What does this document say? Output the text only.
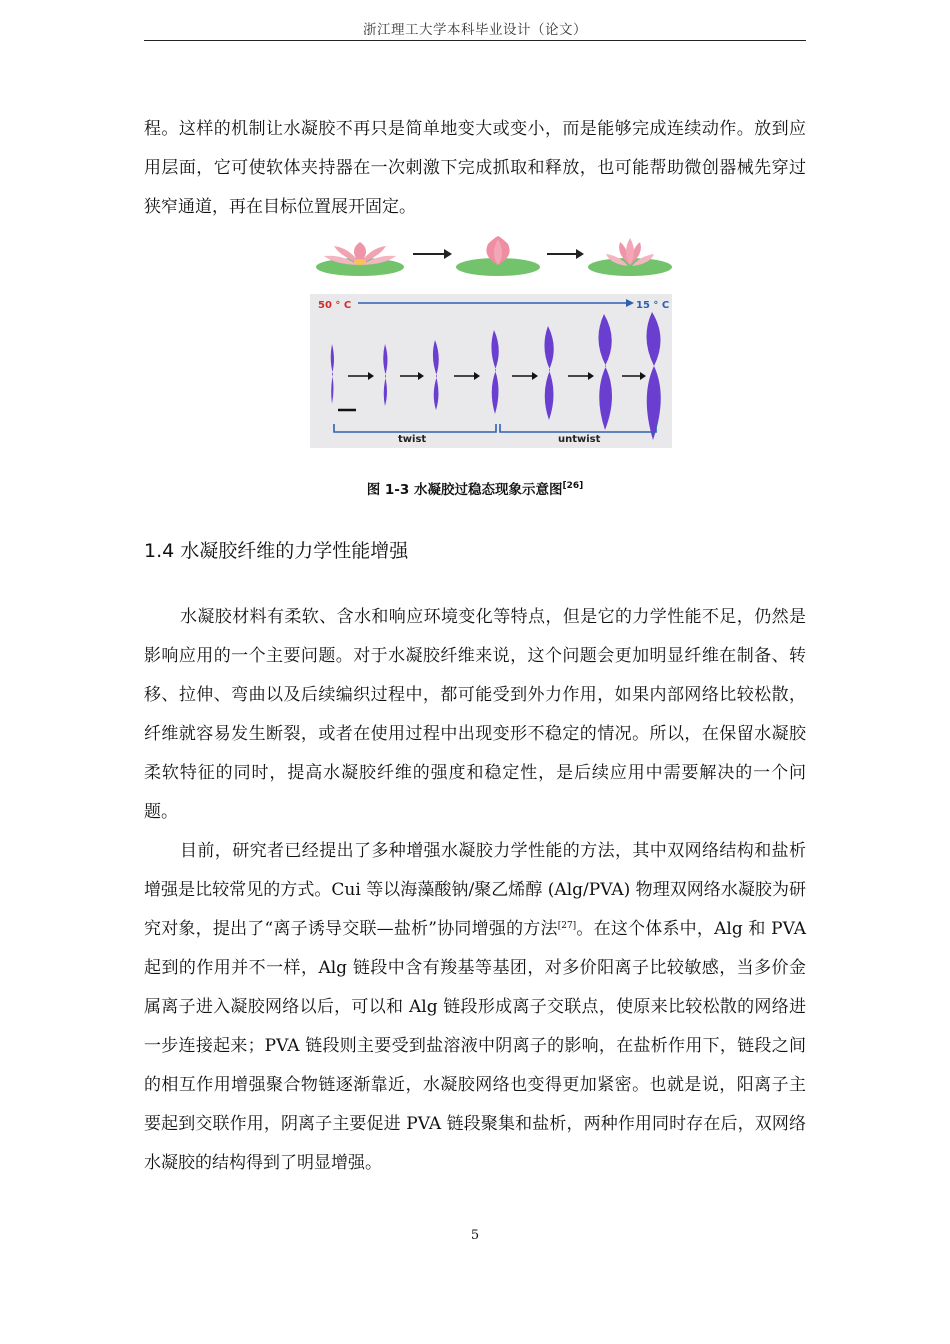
浙江理工大学本科毕业设计（论文）

程。这样的机制让水凝胶不再只是简单地变大或变小，而是能够完成连续动作。放到应用层面，它可使软体夹持器在一次刺激下完成抓取和释放，也可能帮助微创器械先穿过狭窄通道，再在目标位置展开固定。

50 ° C	15 ° C
twist	untwist
图 1-3 水凝胶过稳态现象示意图[26]
1.4 水凝胶纤维的力学性能增强

水凝胶材料有柔软、含水和响应环境变化等特点，但是它的力学性能不足，仍然是影响应用的一个主要问题。对于水凝胶纤维来说，这个问题会更加明显纤维在制备、转移、拉伸、弯曲以及后续编织过程中，都可能受到外力作用，如果内部网络比较松散，纤维就容易发生断裂，或者在使用过程中出现变形不稳定的情况。所以，在保留水凝胶柔软特征的同时，提高水凝胶纤维的强度和稳定性，是后续应用中需要解决的一个问题。

目前，研究者已经提出了多种增强水凝胶力学性能的方法，其中双网络结构和盐析增强是比较常见的方式。Cui 等以海藻酸钠/聚乙烯醇 (Alg/PVA) 物理双网络水凝胶为研究对象，提出了“离子诱导交联—盐析”协同增强的方法[27]。在这个体系中，Alg 和 PVA 起到的作用并不一样，Alg 链段中含有羧基等基团，对多价阳离子比较敏感，当多价金属离子进入凝胶网络以后，可以和 Alg 链段形成离子交联点，使原来比较松散的网络进一步连接起来；PVA 链段则主要受到盐溶液中阴离子的影响，在盐析作用下，链段之间的相互作用增强聚合物链逐渐靠近，水凝胶网络也变得更加紧密。也就是说，阳离子主要起到交联作用，阴离子主要促进 PVA 链段聚集和盐析，两种作用同时存在后，双网络水凝胶的结构得到了明显增强。

5
